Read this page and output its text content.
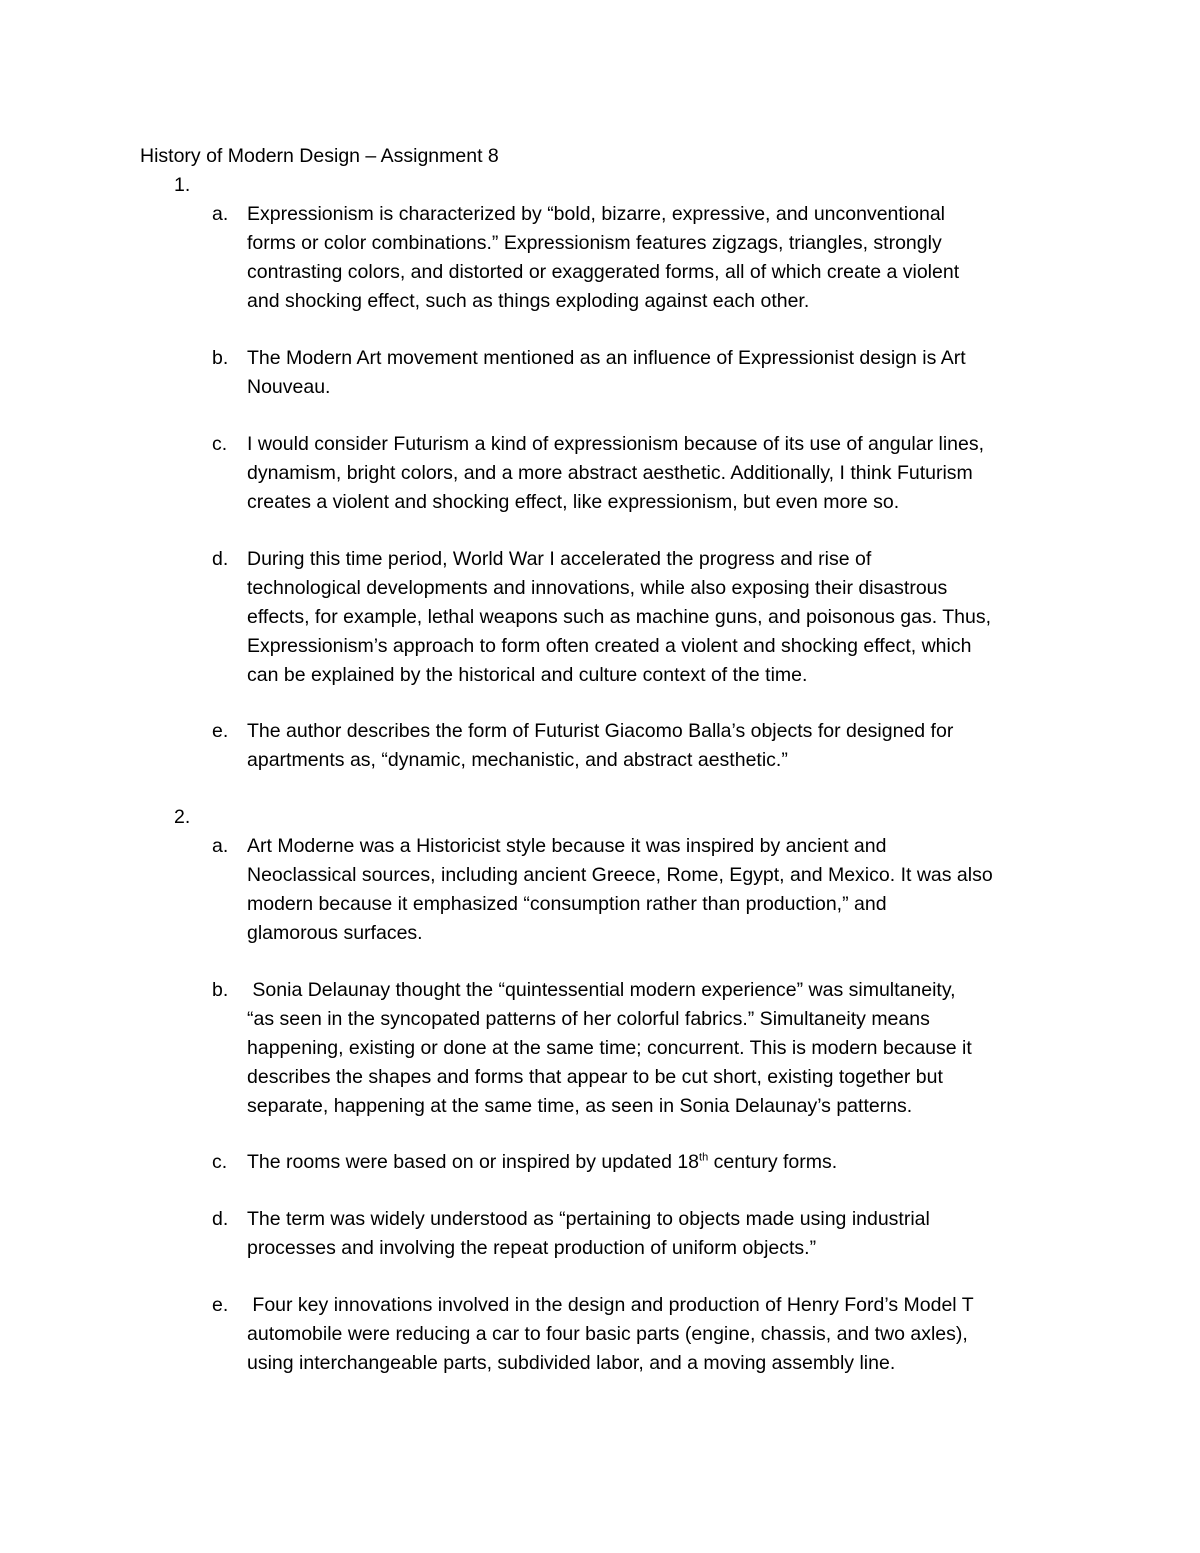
History of Modern Design – Assignment 8
1.
a. Expressionism is characterized by “bold, bizarre, expressive, and unconventional
forms or color combinations.” Expressionism features zigzags, triangles, strongly
contrasting colors, and distorted or exaggerated forms, all of which create a violent
and shocking effect, such as things exploding against each other.
b. The Modern Art movement mentioned as an influence of Expressionist design is Art
Nouveau.
c. I would consider Futurism a kind of expressionism because of its use of angular lines,
dynamism, bright colors, and a more abstract aesthetic. Additionally, I think Futurism
creates a violent and shocking effect, like expressionism, but even more so.
d. During this time period, World War I accelerated the progress and rise of
technological developments and innovations, while also exposing their disastrous
effects, for example, lethal weapons such as machine guns, and poisonous gas. Thus,
Expressionism’s approach to form often created a violent and shocking effect, which
can be explained by the historical and culture context of the time.
e. The author describes the form of Futurist Giacomo Balla’s objects for designed for
apartments as, “dynamic, mechanistic, and abstract aesthetic.”
2.
a. Art Moderne was a Historicist style because it was inspired by ancient and
Neoclassical sources, including ancient Greece, Rome, Egypt, and Mexico. It was also
modern because it emphasized “consumption rather than production,” and
glamorous surfaces.
b. Sonia Delaunay thought the “quintessential modern experience” was simultaneity,
“as seen in the syncopated patterns of her colorful fabrics.” Simultaneity means
happening, existing or done at the same time; concurrent. This is modern because it
describes the shapes and forms that appear to be cut short, existing together but
separate, happening at the same time, as seen in Sonia Delaunay’s patterns.
c. The rooms were based on or inspired by updated 18th century forms.
d. The term was widely understood as “pertaining to objects made using industrial
processes and involving the repeat production of uniform objects.”
e. Four key innovations involved in the design and production of Henry Ford’s Model T
automobile were reducing a car to four basic parts (engine, chassis, and two axles),
using interchangeable parts, subdivided labor, and a moving assembly line.
